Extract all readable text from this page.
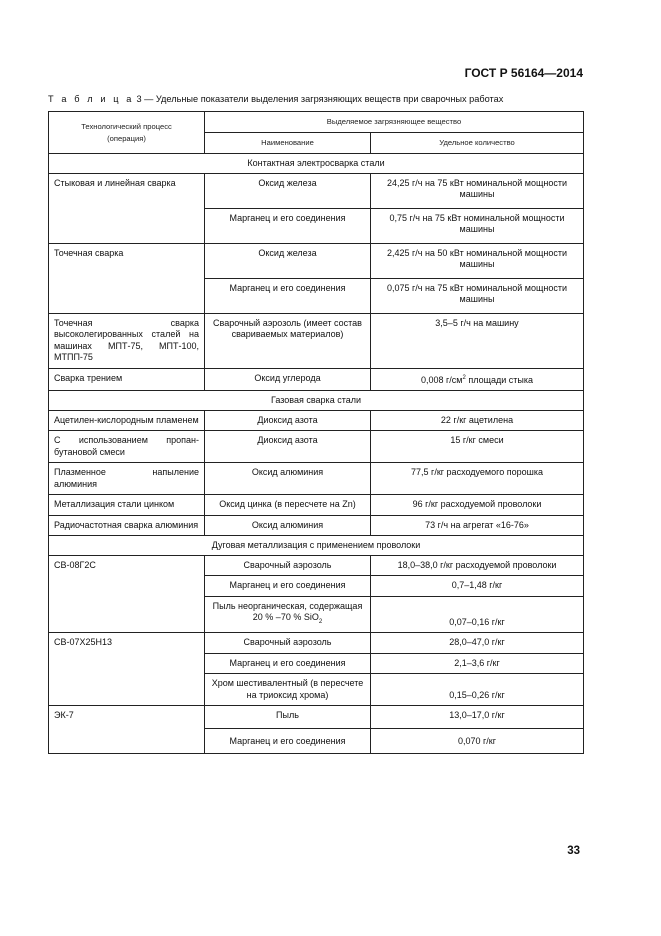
ГОСТ Р 56164—2014
Т а б л и ц а 3 — Удельные показатели выделения загрязняющих веществ при сварочных работах
Технологический процесс (операция)	Выделяемое загрязняющее вещество	
	Наименование	Удельное количество
Контактная электросварка стали		
Стыковая и линейная сварка	Оксид железа	24,25 г/ч на 75 кВт номинальной мощности машины
	Марганец и его соединения	0,75 г/ч на 75 кВт номинальной мощности машины
Точечная сварка	Оксид железа	2,425 г/ч на 50 кВт номинальной мощности машины
	Марганец и его соединения	0,075 г/ч на 75 кВт номинальной мощности машины
Точечная сварка высоколегированных сталей на машинах МПТ-75, МПТ-100, МТПП-75	Сварочный аэрозоль (имеет состав свариваемых материалов)	3,5–5 г/ч на машину
Сварка трением	Оксид углерода	0,008 $г/см^2$ площади стыка
Газовая сварка стали		
Ацетилен-кислородным пламенем	Диоксид азота	22 г/кг ацетилена
С использованием пропан-бутановой смеси	Диоксид азота	15 г/кг смеси
Плазменное напыление алюминия	Оксид алюминия	77,5 г/кг расходуемого порошка
Металлизация стали цинком	Оксид цинка (в пересчете на Zn)	96 г/кг расходуемой проволоки
Радиочастотная сварка алюминия	Оксид алюминия	73 г/ч на агрегат «16-76»
Дуговая металлизация с применением проволоки		
СВ-08Г2С	Сварочный аэрозоль	18,0–38,0 г/кг расходуемой проволоки
	Марганец и его соединения	0,7–1,48 г/кг
	Пыль неорганическая, содержащая 20 % –70 % SiO$_2$	0,07–0,16 г/кг
СВ-07Х25Н13	Сварочный аэрозоль	28,0–47,0 г/кг
	Марганец и его соединения	2,1–3,6 г/кг
	Хром шестивалентный (в пересчете на триоксид хрома)	0,15–0,26 г/кг
ЭК-7	Пыль	13,0–17,0 г/кг
	Марганец и его соединения	0,070 г/кг
33
